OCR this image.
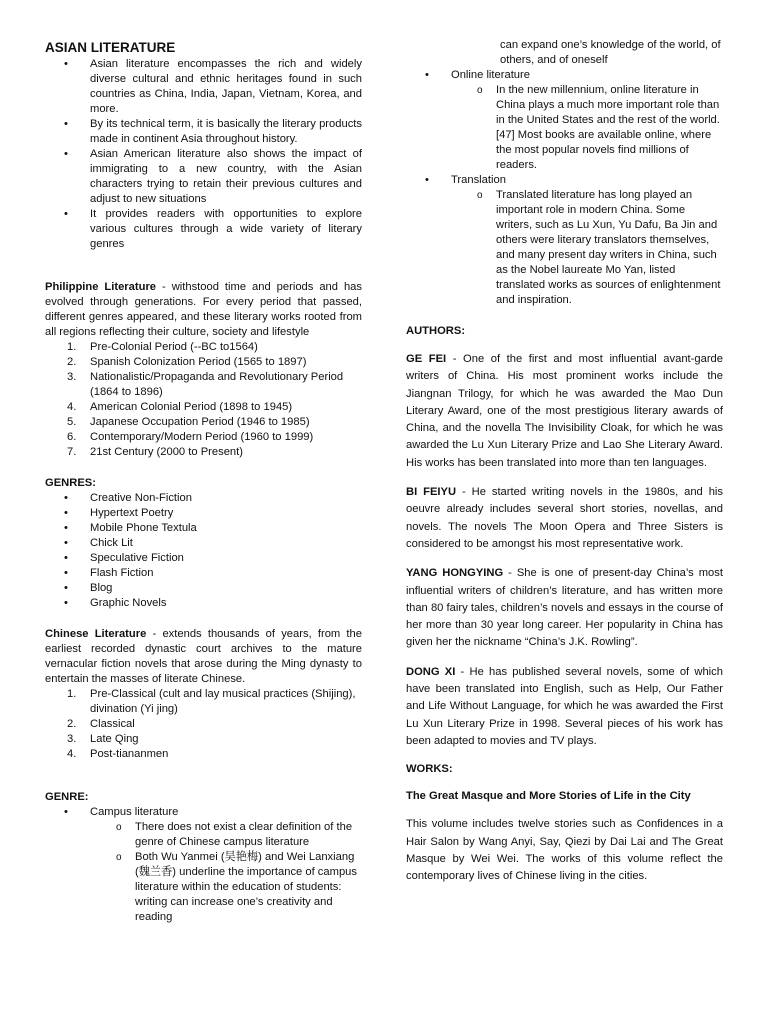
ASIAN LITERATURE

• Asian literature encompasses the rich and widely diverse cultural and ethnic heritages found in such countries as China, India, Japan, Vietnam, Korea, and more.
• By its technical term, it is basically the literary products made in continent Asia throughout history.
• Asian American literature also shows the impact of immigrating to a new country, with the Asian characters trying to retain their previous cultures and adjust to new situations
• It provides readers with opportunities to explore various cultures through a wide variety of literary genres

Philippine Literature - withstood time and periods and has evolved through generations. For every period that passed, different genres appeared, and these literary works rooted from all regions reflecting their culture, society and lifestyle

1. Pre-Colonial Period (--BC to1564)
2. Spanish Colonization Period (1565 to 1897)
3. Nationalistic/Propaganda and Revolutionary Period (1864 to 1896)
4. American Colonial Period (1898 to 1945)
5. Japanese Occupation Period (1946 to 1985)
6. Contemporary/Modern Period (1960 to 1999)
7. 21st Century (2000 to Present)

GENRES:

• Creative Non-Fiction
• Hypertext Poetry
• Mobile Phone Textula
• Chick Lit
• Speculative Fiction
• Flash Fiction
• Blog
• Graphic Novels

Chinese Literature - extends thousands of years, from the earliest recorded dynastic court archives to the mature vernacular fiction novels that arose during the Ming dynasty to entertain the masses of literate Chinese.

1. Pre-Classical (cult and lay musical practices (Shijing), divination (Yi jing)
2. Classical
3. Late Qing
4. Post-tiananmen

GENRE:

• Campus literature
o There does not exist a clear definition of the genre of Chinese campus literature
o Both Wu Yanmei (吴艳梅) and Wei Lanxiang (魏兰香) underline the importance of campus literature within the education of students: writing can increase one’s creativity and reading

can expand one’s knowledge of the world, of others, and of oneself

• Online literature
o In the new millennium, online literature in China plays a much more important role than in the United States and the rest of the world.[47] Most books are available online, where the most popular novels find millions of readers.
• Translation
o Translated literature has long played an important role in modern China. Some writers, such as Lu Xun, Yu Dafu, Ba Jin and others were literary translators themselves, and many present day writers in China, such as the Nobel laureate Mo Yan, listed translated works as sources of enlightenment and inspiration.

AUTHORS:

GE FEI - One of the first and most influential avant-garde writers of China. His most prominent works include the Jiangnan Trilogy, for which he was awarded the Mao Dun Literary Award, one of the most prestigious literary awards of China, and the novella The Invisibility Cloak, for which he was awarded the Lu Xun Literary Prize and Lao She Literary Award. His works has been translated into more than ten languages.

BI FEIYU - He started writing novels in the 1980s, and his oeuvre already includes several short stories, novellas, and novels. The novels The Moon Opera and Three Sisters is considered to be amongst his most representative work.

YANG HONGYING - She is one of present-day China’s most influential writers of children’s literature, and has written more than 80 fairy tales, children’s novels and essays in the course of her more than 30 year long career. Her popularity in China has given her the nickname “China’s J.K. Rowling”.

DONG XI - He has published several novels, some of which have been translated into English, such as Help, Our Father and Life Without Language, for which he was awarded the First Lu Xun Literary Prize in 1998. Several pieces of his work has been adapted to movies and TV plays.

WORKS:

The Great Masque and More Stories of Life in the City

This volume includes twelve stories such as Confidences in a Hair Salon by Wang Anyi, Say, Qiezi by Dai Lai and The Great Masque by Wei Wei. The works of this volume reflect the contemporary lives of Chinese living in the cities.
